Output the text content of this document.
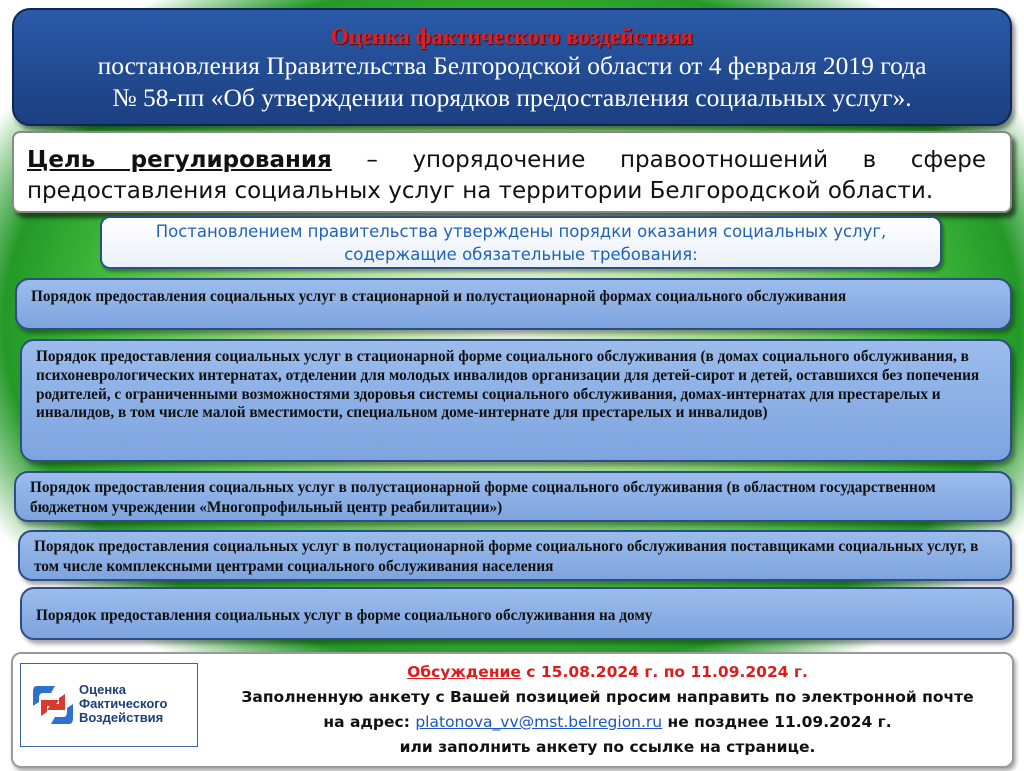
Оценка фактического воздействия
постановления Правительства Белгородской области от 4 февраля 2019 года
№ 58-пп «Об утверждении порядков предоставления социальных услуг».
Цель регулирования – упорядочение правоотношений в сфере предоставления социальных услуг на территории Белгородской области.
Постановлением правительства утверждены порядки оказания социальных услуг,
содержащие обязательные требования:
Порядок предоставления социальных услуг в стационарной и полустационарной формах социального обслуживания
Порядок предоставления социальных услуг в стационарной форме социального обслуживания (в домах социального обслуживания, в психоневрологических интернатах, отделении для молодых инвалидов организации для детей-сирот и детей, оставшихся без попечения родителей, с ограниченными возможностями здоровья системы социального обслуживания, домах-интернатах для престарелых и инвалидов, в том числе малой вместимости, специальном доме-интернате для престарелых и инвалидов)
Порядок предоставления социальных услуг в полустационарной форме социального обслуживания (в областном государственном бюджетном учреждении «Многопрофильный центр реабилитации»)
Порядок предоставления социальных услуг в полустационарной форме социального обслуживания поставщиками социальных услуг, в том числе комплексными центрами социального обслуживания населения
Порядок предоставления социальных услуг в форме социального обслуживания на дому
Оценка
Фактического
Воздействия
Обсуждение с 15.08.2024 г. по 11.09.2024 г.
Заполненную анкету с Вашей позицией просим направить по электронной почте
на адрес: platonova_vv@mst.belregion.ru не позднее 11.09.2024 г.
или заполнить анкету по ссылке на странице.
